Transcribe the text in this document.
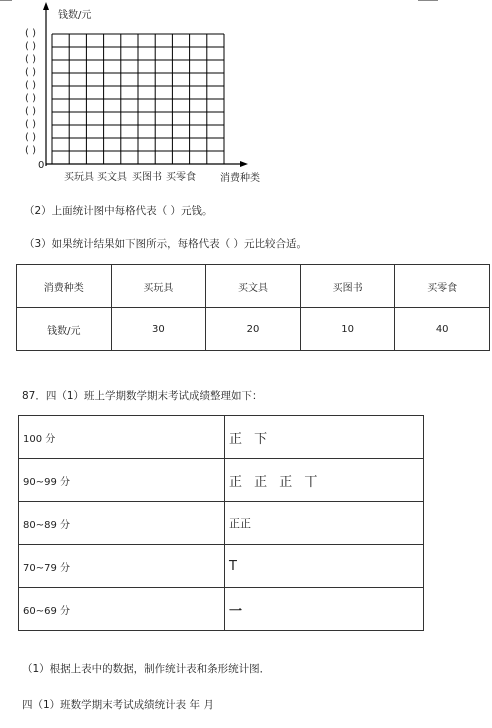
钱数/元
0
( )
( )
( )
( )
( )
( )
( )
( )
( )
( )
买玩具 买文具 买图书 买零食 消费种类
（2）上面统计图中每格代表（ ）元钱。
（3）如果统计结果如下图所示，每格代表（ ）元比较合适。
消费种类	买玩具	买文具	买图书	买零食
钱数/元	30	20	10	40
87．四（1）班上学期数学期末考试成绩整理如下：
100 分	正 下
90~99 分	正 正 正 丅
80~89 分	正正
70~79 分	T
60~69 分	一
（1）根据上表中的数据，制作统计表和条形统计图．
四（1）班数学期末考试成绩统计表 年 月
